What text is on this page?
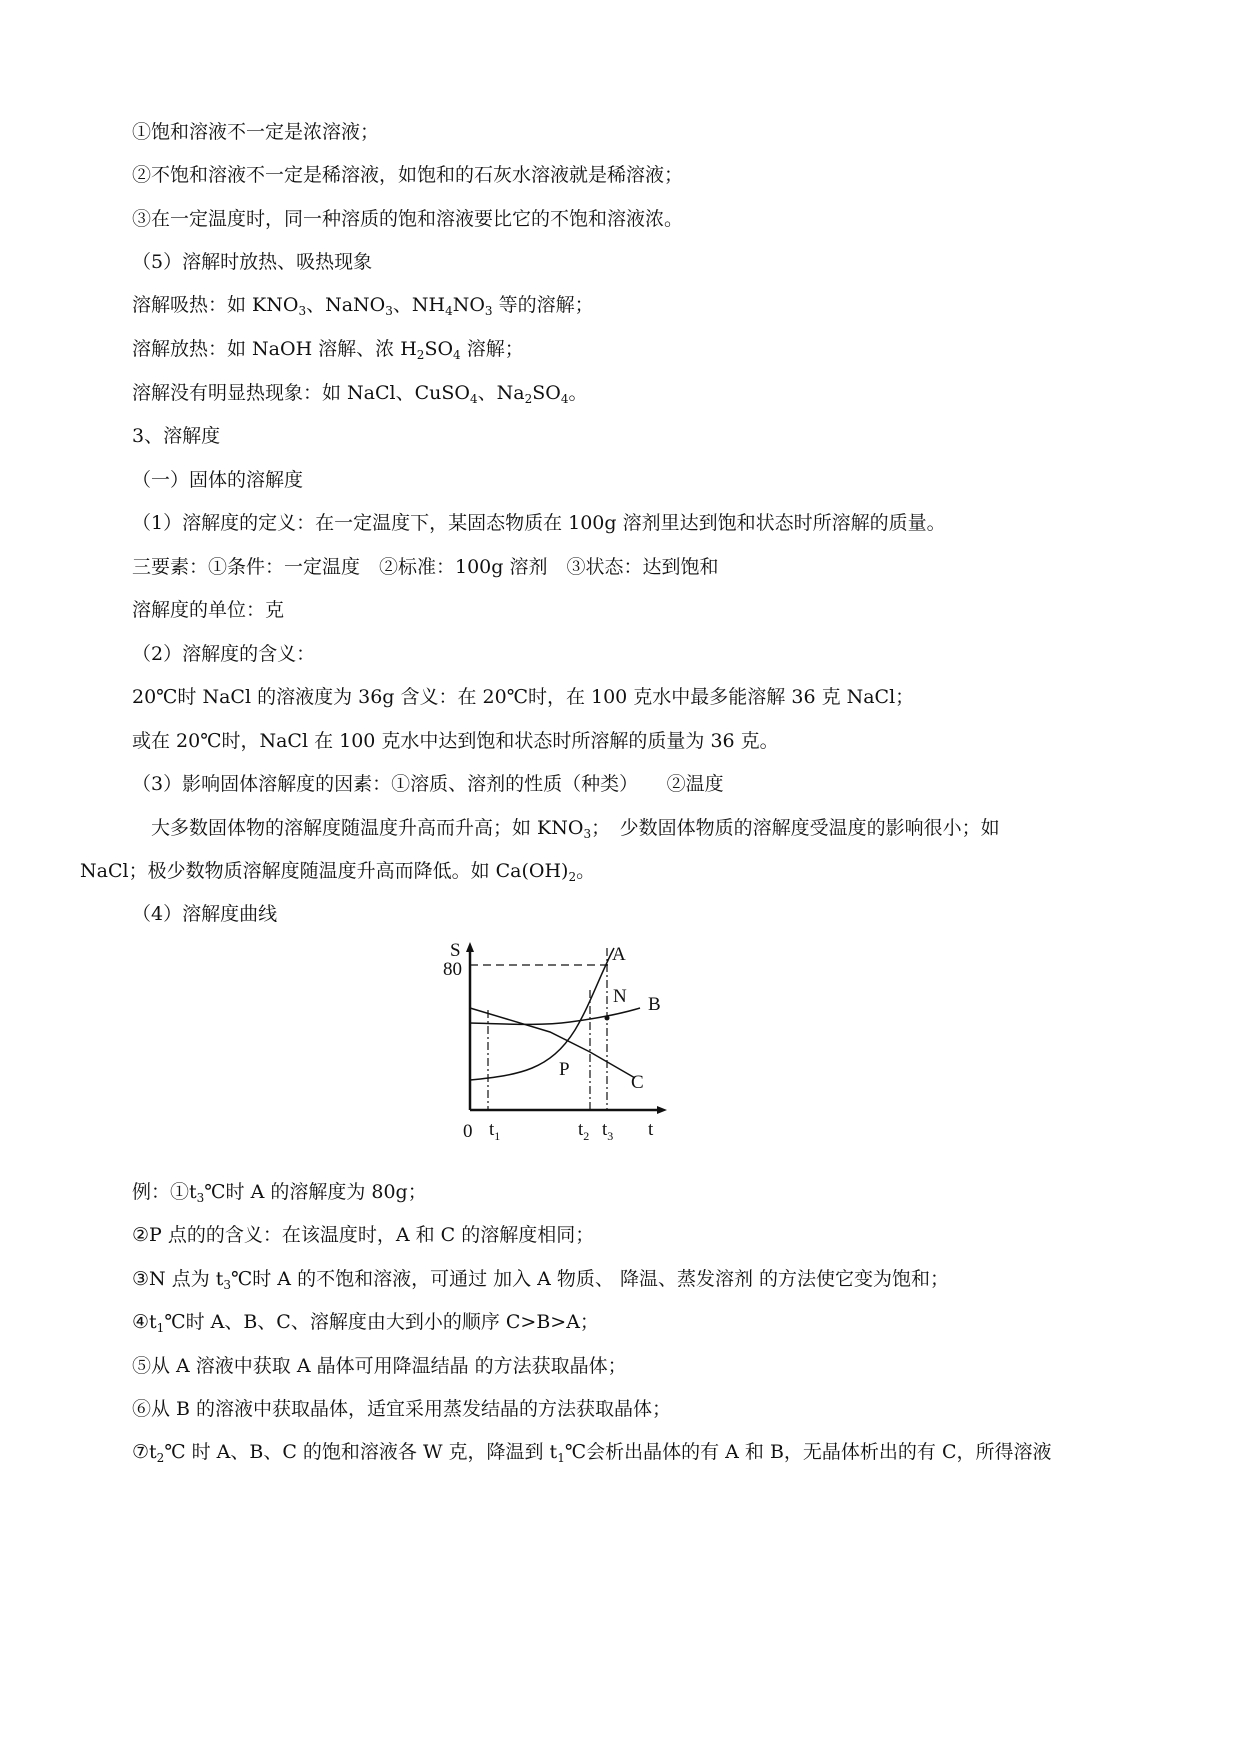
①饱和溶液不一定是浓溶液；
②不饱和溶液不一定是稀溶液，如饱和的石灰水溶液就是稀溶液；
③在一定温度时，同一种溶质的饱和溶液要比它的不饱和溶液浓。
（5）溶解时放热、吸热现象
溶解吸热：如 $KNO_3$、NaNO$_3$、$NH_4NO_3$ 等的溶解；
溶解放热：如 NaOH 溶解、浓 $H_2SO_4$ 溶解；
溶解没有明显热现象：如 NaCl、CuSO$_4$、$Na_2SO_4$。
3、溶解度
（一）固体的溶解度
（1）溶解度的定义：在一定温度下，某固态物质在 100g 溶剂里达到饱和状态时所溶解的质量。
三要素：①条件：一定温度　②标准：100g 溶剂　③状态：达到饱和
溶解度的单位：克
（2）溶解度的含义：
20℃时 NaCl 的溶液度为 36g 含义：在 20℃时，在 100 克水中最多能溶解 36 克 NaCl；
或在 20℃时，NaCl 在 100 克水中达到饱和状态时所溶解的质量为 36 克。
（3）影响固体溶解度的因素：①溶质、溶剂的性质（种类）　　②温度
　大多数固体物的溶解度随温度升高而升高；如 $KNO_3$；　少数固体物质的溶解度受温度的影响很小；如
NaCl；极少数物质溶解度随温度升高而降低。如 $Ca(OH)_2$。
（4）溶解度曲线
例：$①t_3℃$时 A 的溶解度为 80g；
②P 点的的含义：在该温度时，A 和 C 的溶解度相同；
③N 点为 $t_3℃$时 A 的不饱和溶液，可通过 加入 A 物质、 降温、蒸发溶剂 的方法使它变为饱和；
$④t_1℃$时 A、B、C、溶解度由大到小的顺序 C>B>A；
⑤从 A 溶液中获取 A 晶体可用降温结晶 的方法获取晶体；
⑥从 B 的溶液中获取晶体，适宜采用蒸发结晶的方法获取晶体；
$⑦t_2℃$ 时 A、B、C 的饱和溶液各 W 克，降温到 $t_1℃$会析出晶体的有 A 和 B，无晶体析出的有 C，所得溶液
S
80
A
N B
P
C
0 $t_1$	$t_2$ $t_3$ t
